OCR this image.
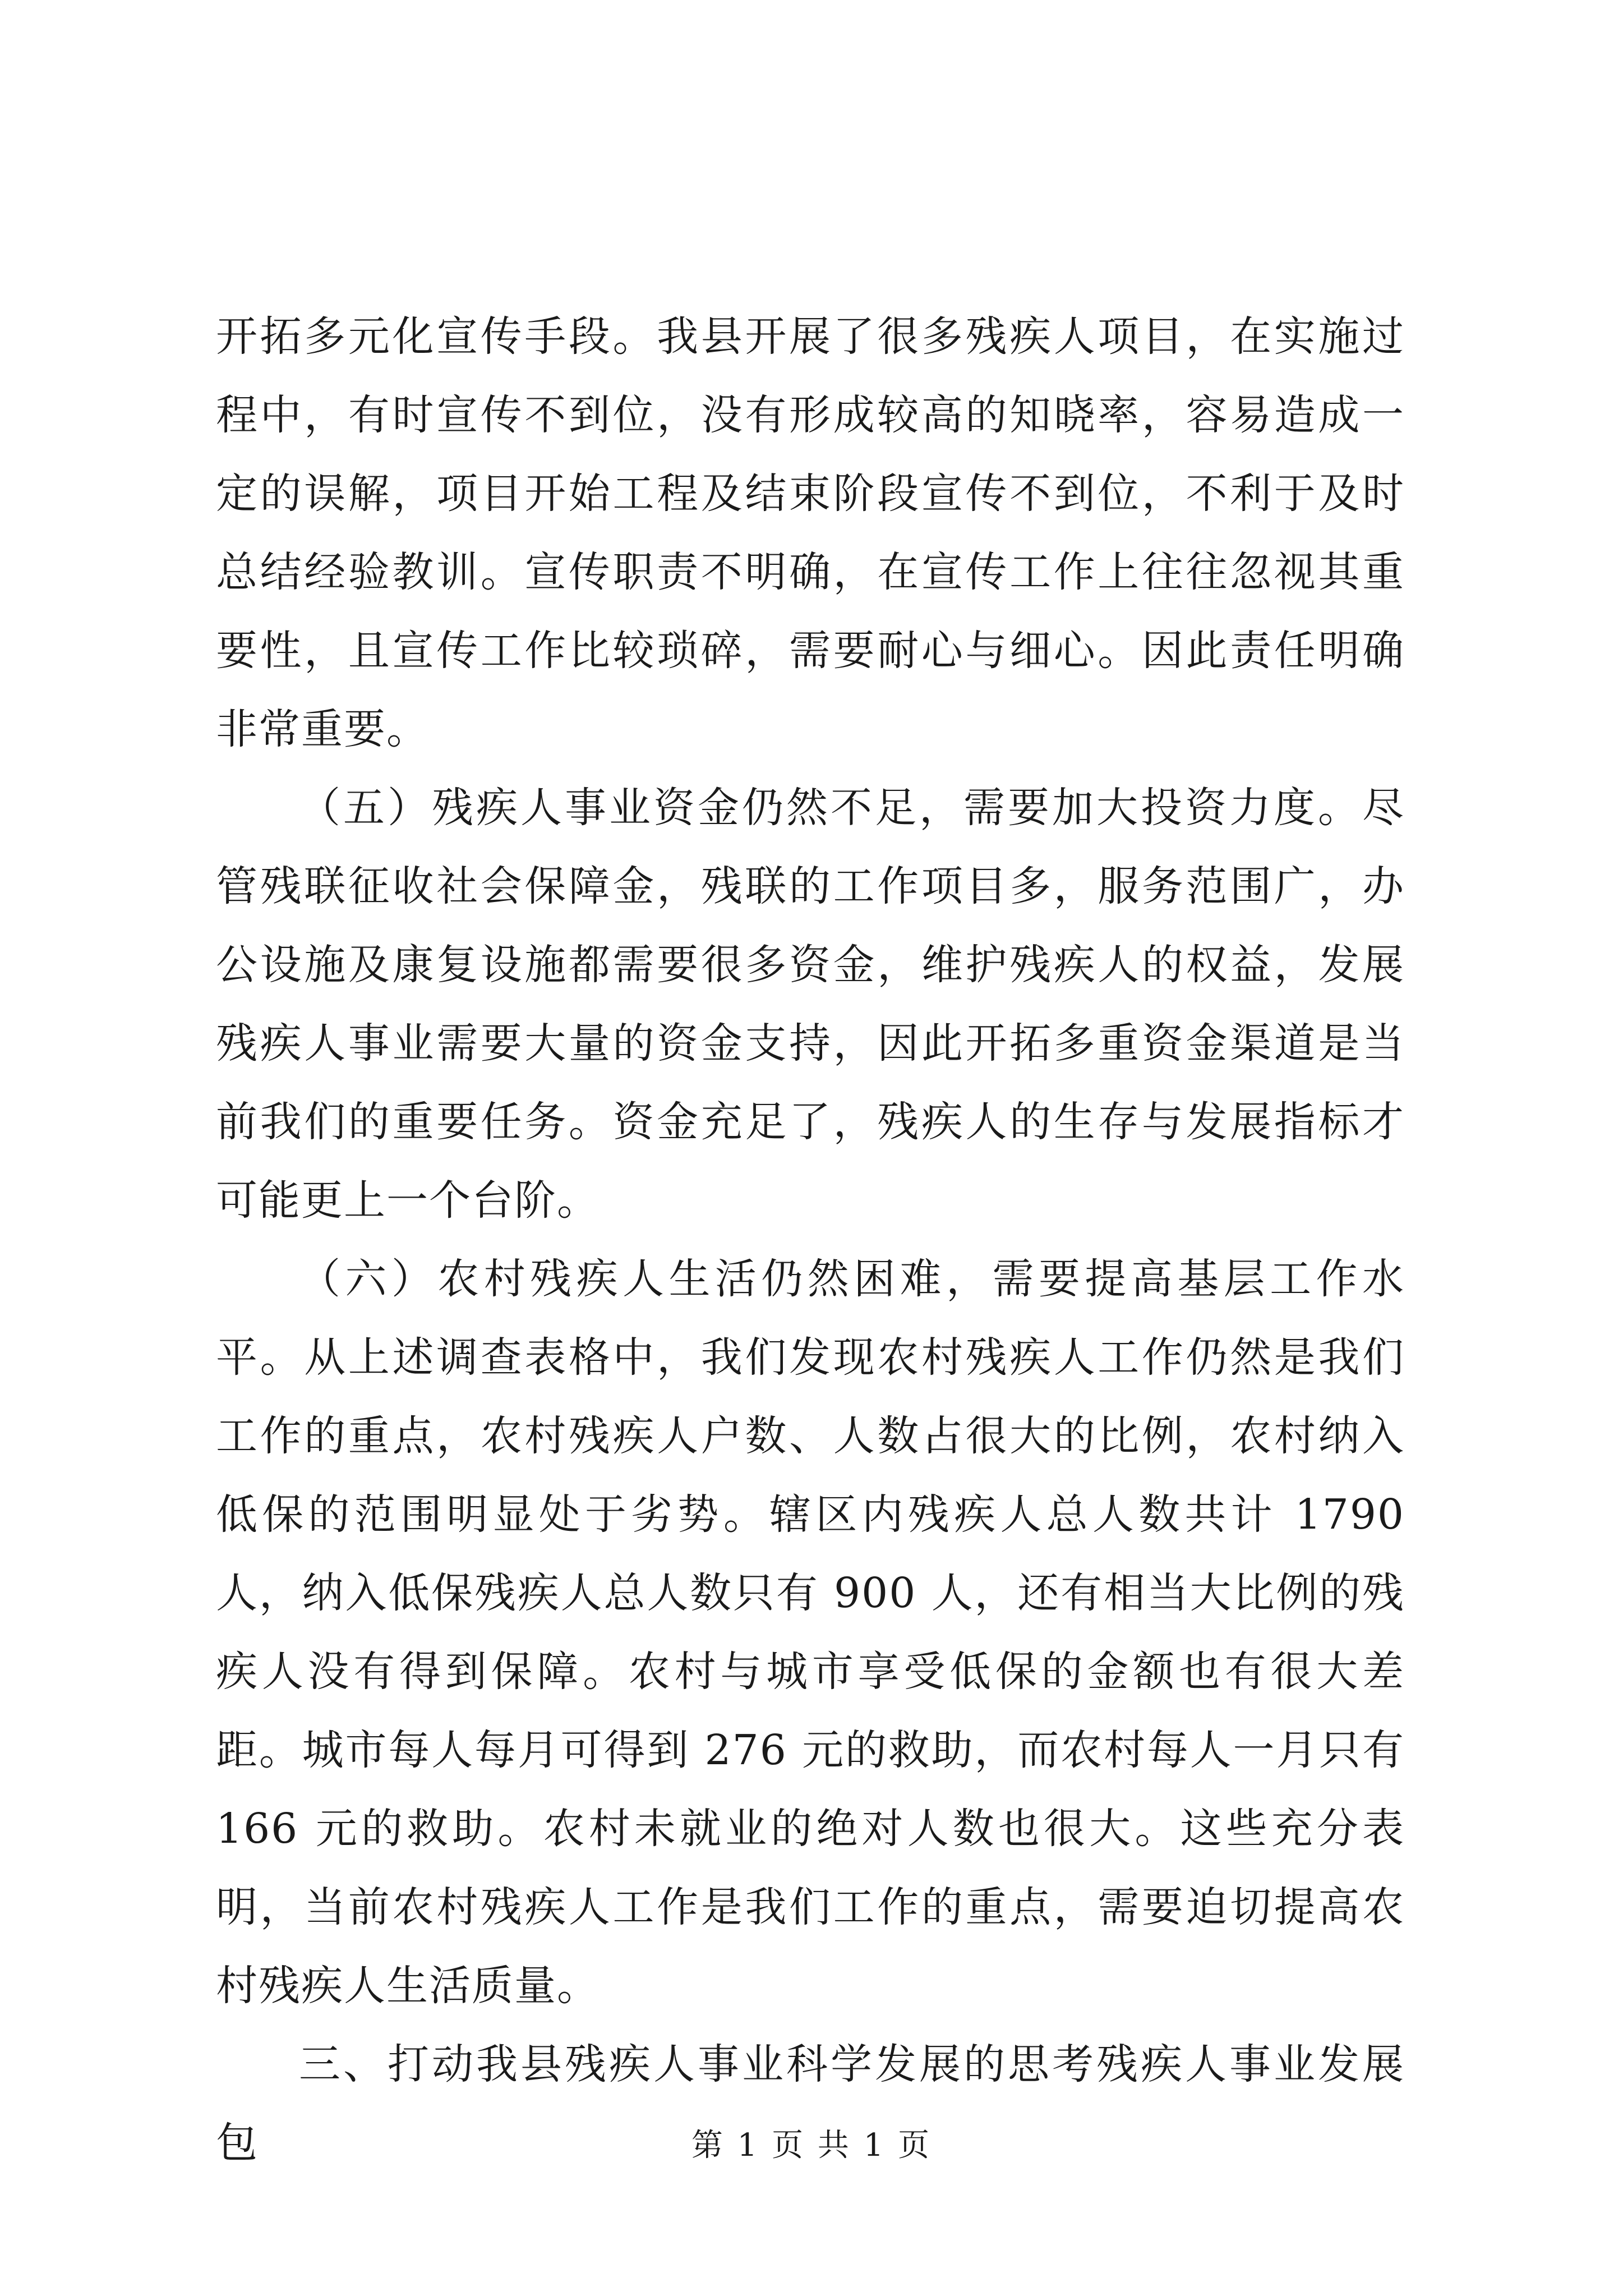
开拓多元化宣传手段。我县开展了很多残疾人项目，在实施过程中，有时宣传不到位，没有形成较高的知晓率，容易造成一定的误解，项目开始工程及结束阶段宣传不到位，不利于及时总结经验教训。宣传职责不明确，在宣传工作上往往忽视其重要性，且宣传工作比较琐碎，需要耐心与细心。因此责任明确非常重要。

（五）残疾人事业资金仍然不足，需要加大投资力度。尽管残联征收社会保障金，残联的工作项目多，服务范围广，办公设施及康复设施都需要很多资金，维护残疾人的权益，发展残疾人事业需要大量的资金支持，因此开拓多重资金渠道是当前我们的重要任务。资金充足了，残疾人的生存与发展指标才可能更上一个台阶。

（六）农村残疾人生活仍然困难，需要提高基层工作水平。从上述调查表格中，我们发现农村残疾人工作仍然是我们工作的重点，农村残疾人户数、人数占很大的比例，农村纳入低保的范围明显处于劣势。辖区内残疾人总人数共计 1790 人，纳入低保残疾人总人数只有 900 人，还有相当大比例的残疾人没有得到保障。农村与城市享受低保的金额也有很大差距。城市每人每月可得到 276 元的救助，而农村每人一月只有 166 元的救助。农村未就业的绝对人数也很大。这些充分表明，当前农村残疾人工作是我们工作的重点，需要迫切提高农村残疾人生活质量。

三、打动我县残疾人事业科学发展的思考残疾人事业发展包	第 1 页 共 1 页
